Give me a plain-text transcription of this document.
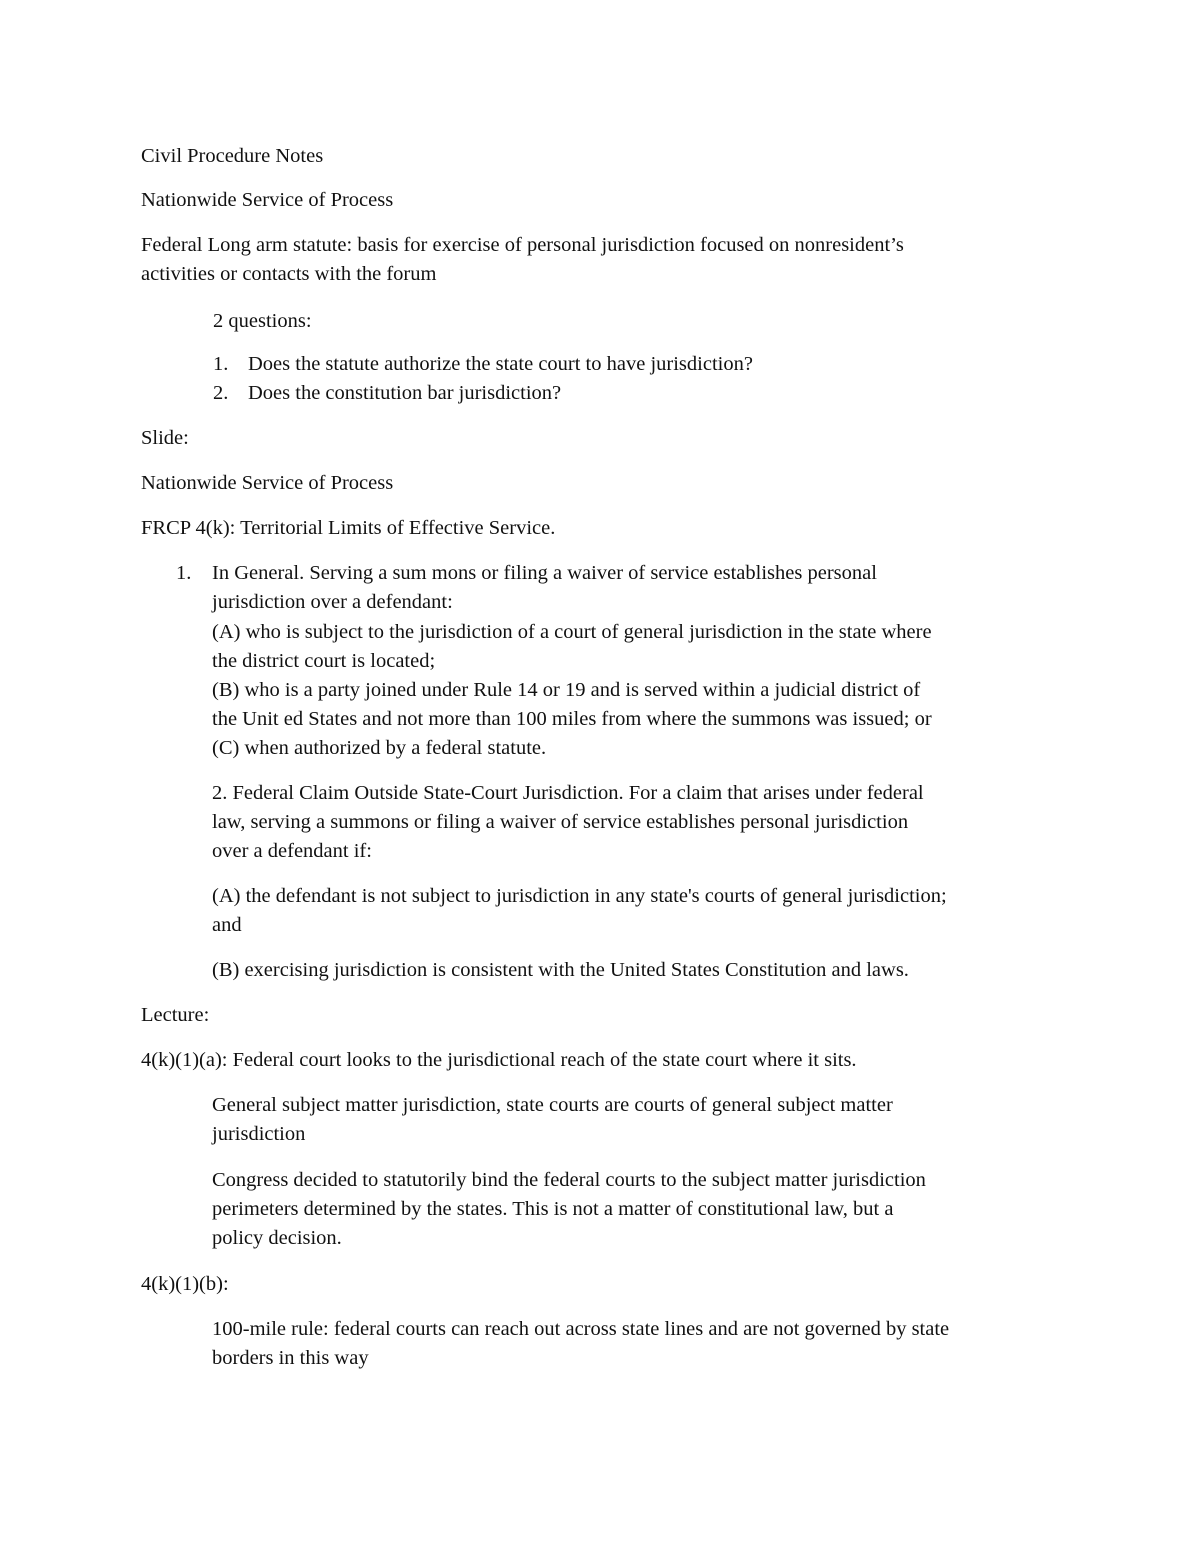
Civil Procedure Notes
Nationwide Service of Process
Federal Long arm statute: basis for exercise of personal jurisdiction focused on nonresident’s
activities or contacts with the forum
2 questions:
1. Does the statute authorize the state court to have jurisdiction?
2. Does the constitution bar jurisdiction?
Slide:
Nationwide Service of Process
FRCP 4(k): Territorial Limits of Effective Service.
1. In General. Serving a sum mons or filing a waiver of service establishes personal
jurisdiction over a defendant:
(A) who is subject to the jurisdiction of a court of general jurisdiction in the state where
the district court is located;
(B) who is a party joined under Rule 14 or 19 and is served within a judicial district of
the Unit ed States and not more than 100 miles from where the summons was issued; or
(C) when authorized by a federal statute.
2. Federal Claim Outside State-Court Jurisdiction. For a claim that arises under federal
law, serving a summons or filing a waiver of service establishes personal jurisdiction
over a defendant if:
(A) the defendant is not subject to jurisdiction in any state's courts of general jurisdiction;
and
(B) exercising jurisdiction is consistent with the United States Constitution and laws.
Lecture:
4(k)(1)(a): Federal court looks to the jurisdictional reach of the state court where it sits.
General subject matter jurisdiction, state courts are courts of general subject matter
jurisdiction
Congress decided to statutorily bind the federal courts to the subject matter jurisdiction
perimeters determined by the states. This is not a matter of constitutional law, but a
policy decision.
4(k)(1)(b):
100-mile rule: federal courts can reach out across state lines and are not governed by state
borders in this way
